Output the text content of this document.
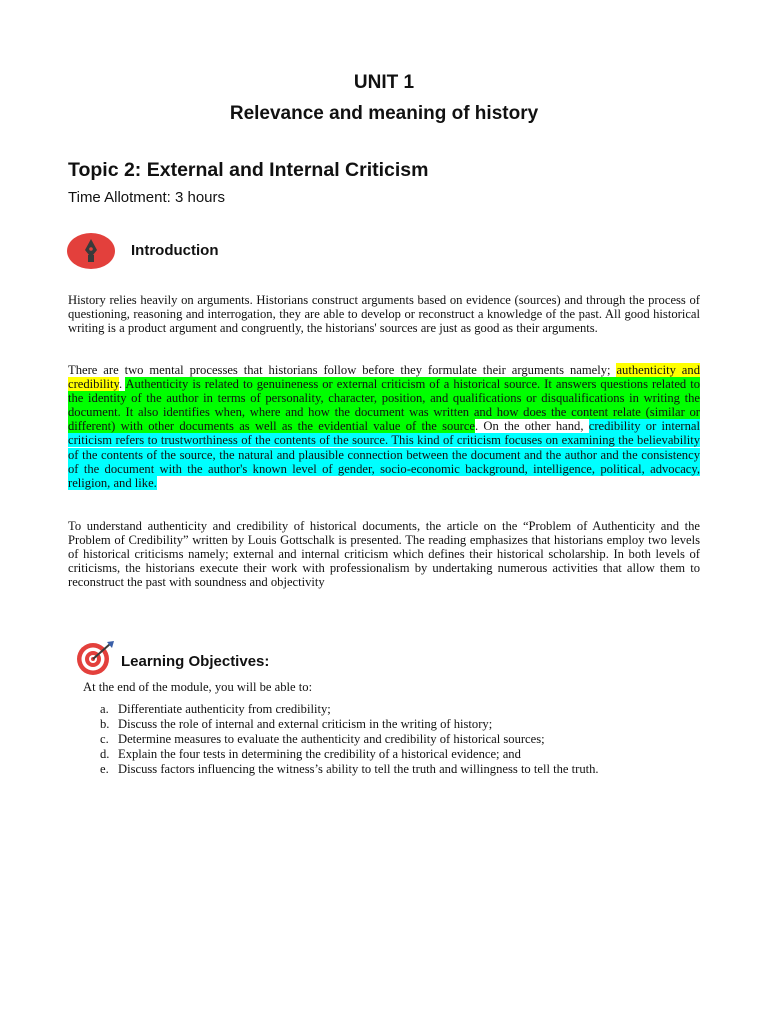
UNIT 1
Relevance and meaning of history
Topic 2: External and Internal Criticism
Time Allotment: 3 hours
Introduction

History relies heavily on arguments. Historians construct arguments based on evidence (sources) and through the process of questioning, reasoning and interrogation, they are able to develop or reconstruct a knowledge of the past. All good historical writing is a product argument and congruently, the historians' sources are just as good as their arguments.

There are two mental processes that historians follow before they formulate their arguments namely; authenticity and credibility. Authenticity is related to genuineness or external criticism of a historical source. It answers questions related to the identity of the author in terms of personality, character, position, and qualifications or disqualifications in writing the document. It also identifies when, where and how the document was written and how does the content relate (similar or different) with other documents as well as the evidential value of the source. On the other hand, credibility or internal criticism refers to trustworthiness of the contents of the source. This kind of criticism focuses on examining the believability of the contents of the source, the natural and plausible connection between the document and the author and the consistency of the document with the author's known level of gender, socio-economic background, intelligence, political, advocacy, religion, and like.

To understand authenticity and credibility of historical documents, the article on the “Problem of Authenticity and the Problem of Credibility” written by Louis Gottschalk is presented. The reading emphasizes that historians employ two levels of historical criticisms namely; external and internal criticism which defines their historical scholarship. In both levels of criticisms, the historians execute their work with professionalism by undertaking numerous activities that allow them to reconstruct the past with soundness and objectivity

Learning Objectives:
At the end of the module, you will be able to:
a. Differentiate authenticity from credibility;
b. Discuss the role of internal and external criticism in the writing of history;
c. Determine measures to evaluate the authenticity and credibility of historical sources;
d. Explain the four tests in determining the credibility of a historical evidence; and
e. Discuss factors influencing the witness’s ability to tell the truth and willingness to tell the truth.
